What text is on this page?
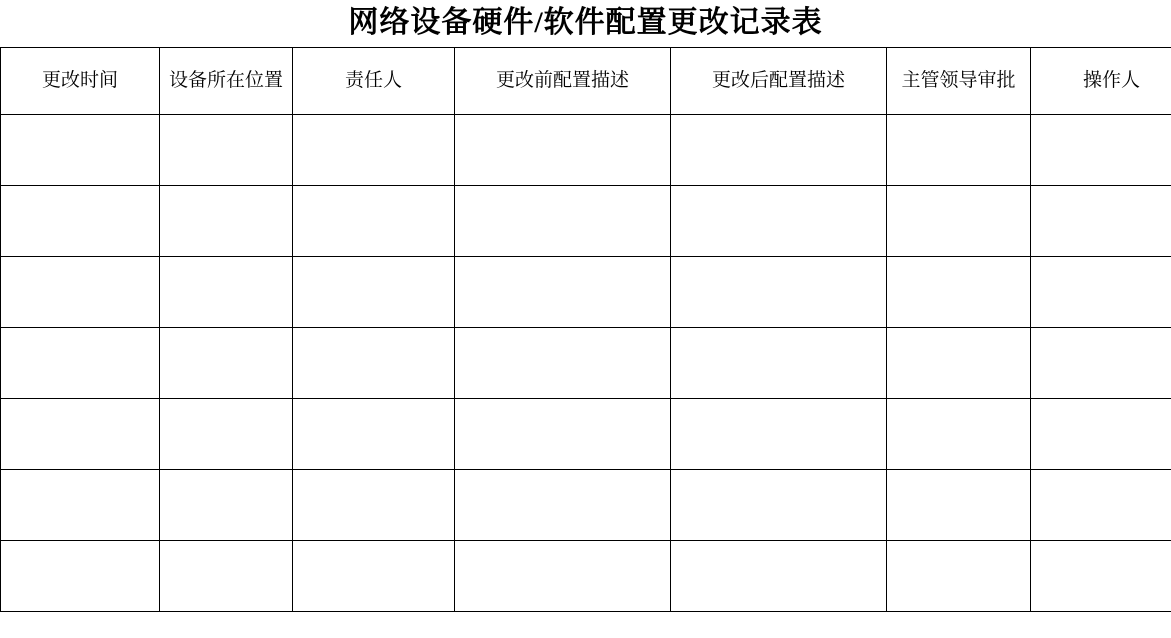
网络设备硬件/软件配置更改记录表
更改时间	设备所在位置	责任人	更改前配置描述	更改后配置描述	主管领导审批	操作人
